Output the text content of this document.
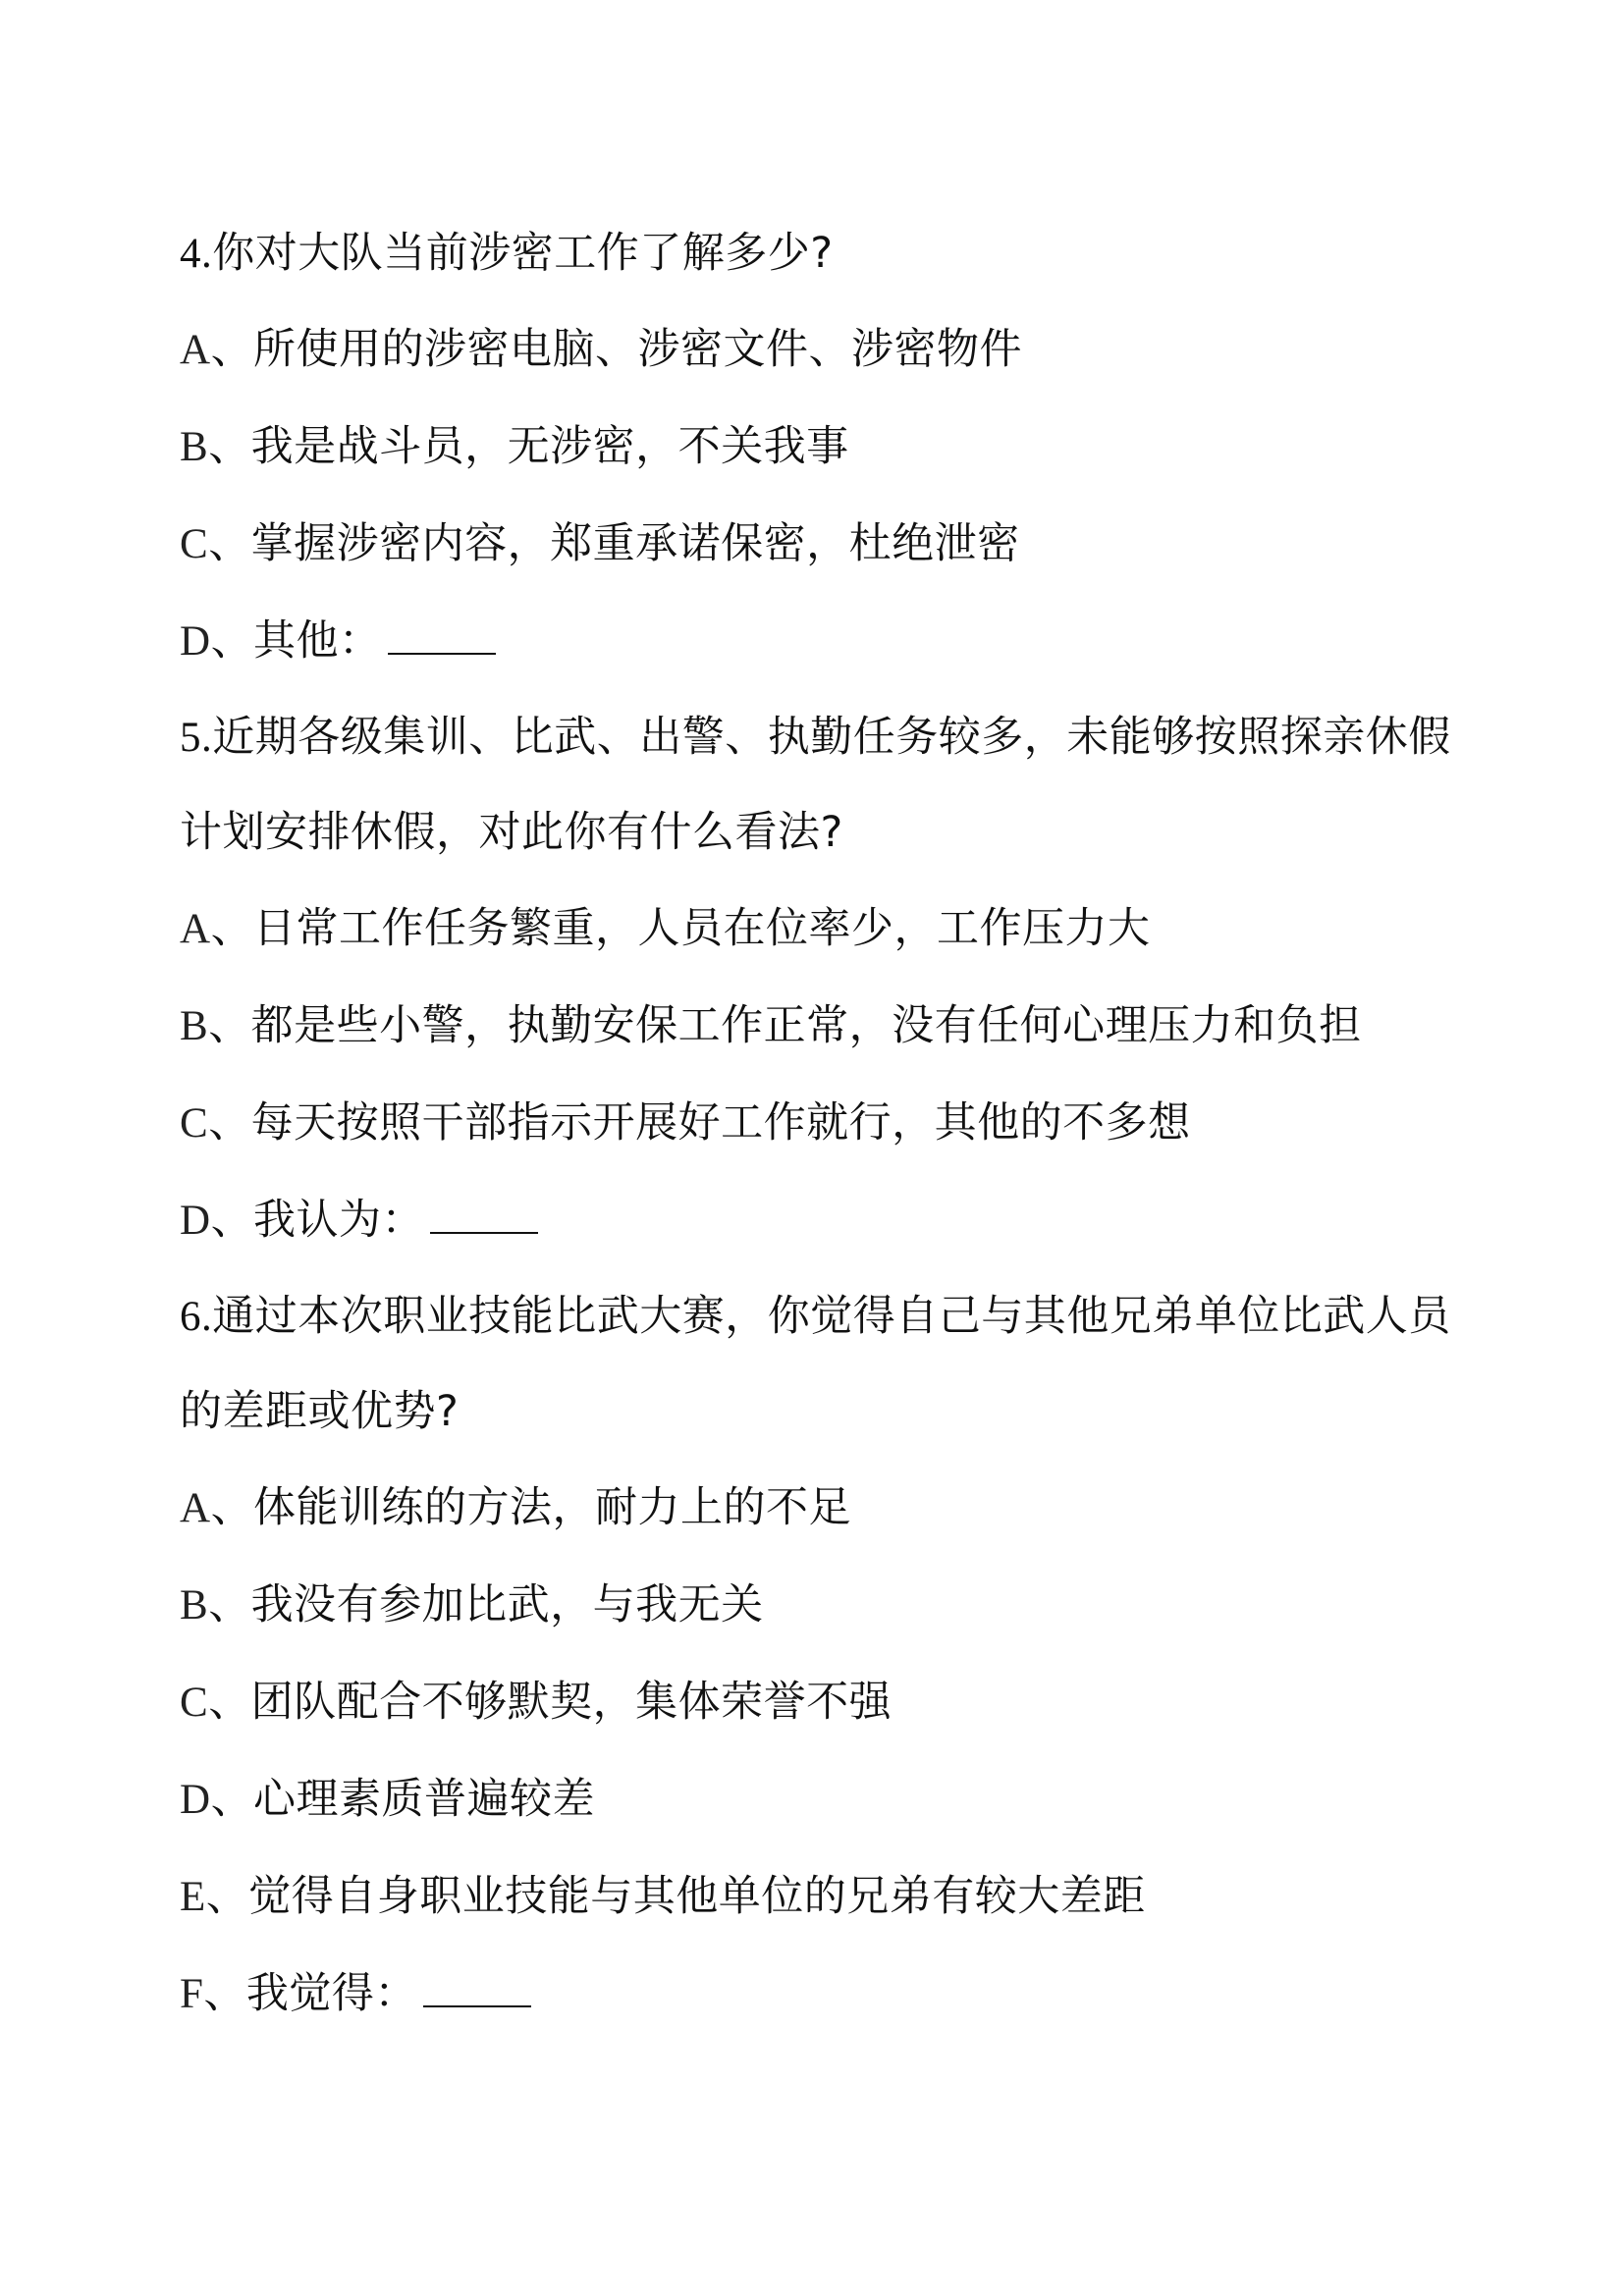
4.你对大队当前涉密工作了解多少?

A、所使用的涉密电脑、涉密文件、涉密物件

B、我是战斗员，无涉密，不关我事

C、掌握涉密内容，郑重承诺保密，杜绝泄密

D、其他：

5.近期各级集训、比武、出警、执勤任务较多，未能够按照探亲休假计划安排休假，对此你有什么看法?

A、日常工作任务繁重，人员在位率少，工作压力大

B、都是些小警，执勤安保工作正常，没有任何心理压力和负担

C、每天按照干部指示开展好工作就行，其他的不多想

D、我认为：

6.通过本次职业技能比武大赛，你觉得自己与其他兄弟单位比武人员的差距或优势?

A、体能训练的方法，耐力上的不足

B、我没有参加比武，与我无关

C、团队配合不够默契，集体荣誉不强

D、心理素质普遍较差

E、觉得自身职业技能与其他单位的兄弟有较大差距

F、我觉得：
